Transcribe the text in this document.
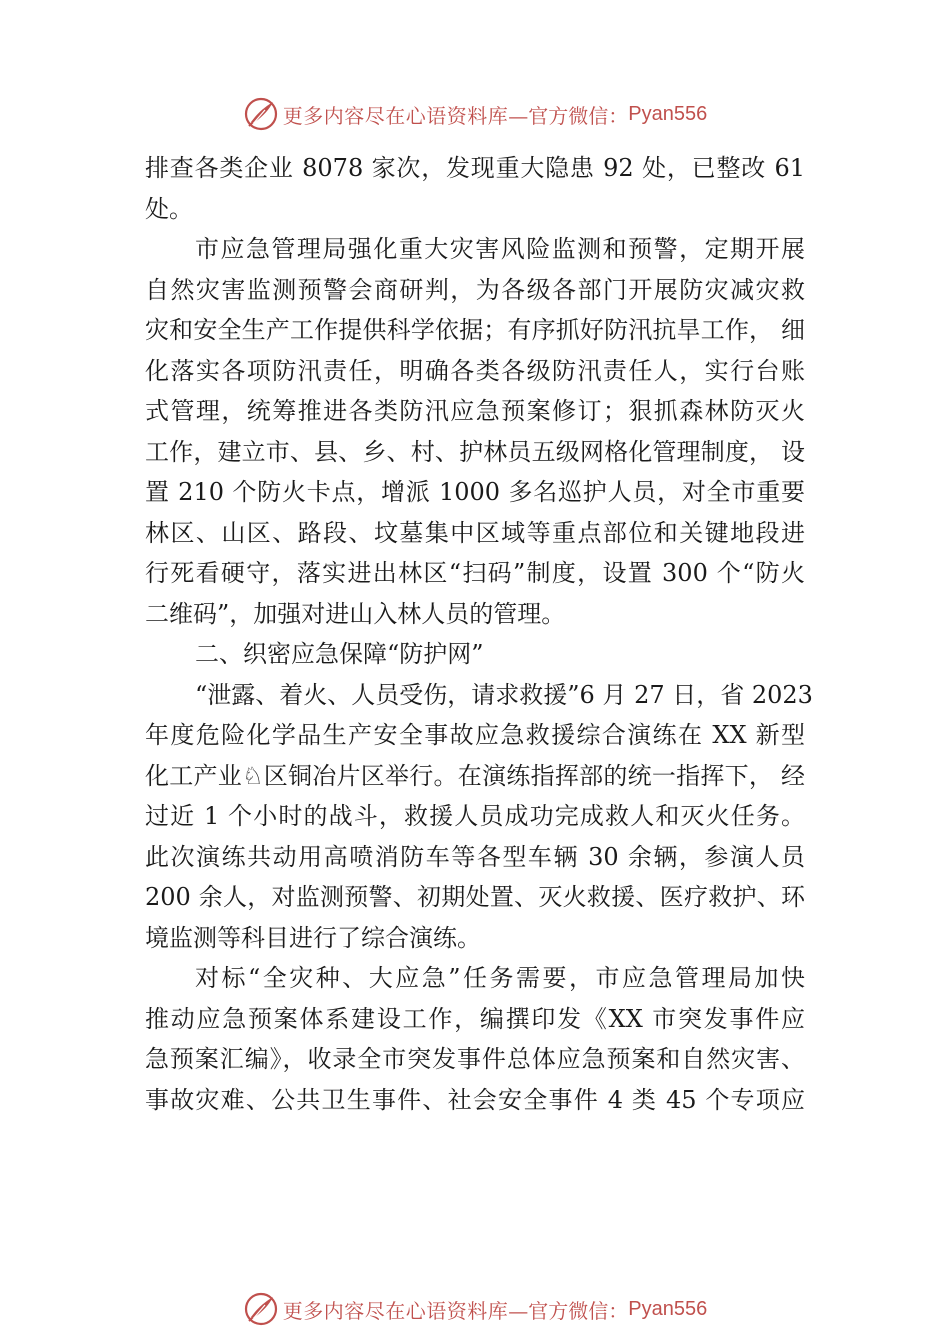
更多内容尽在心语资料库 —官方微信： Pyan556
排查各类企业 8078 家次，发现重大隐患 92 处，已整改 61
处。
市应急管理局强化重大灾害风险监测和预警，定期开展
自然灾害监测预警会商研判，为各级各部门开展防灾减灾救
灾和安全生产工作提供科学依据；有序抓好防汛抗旱工作， 细
化落实各项防汛责任，明确各类各级防汛责任人，实行台账
式管理，统筹推进各类防汛应急预案修订；狠抓森林防灭火
工作，建立市、县、乡、村、护林员五级网格化管理制度， 设
置 210 个防火卡点，增派 1000 多名巡护人员，对全市重要
林区、山区、路段、坟墓集中区域等重点部位和关键地段进
行死看硬守，落实进出林区“扫码”制度，设置 300 个“防火
二维码”，加强对进山入林人员的管理。
二、织密应急保障“防护网”
“泄露、着火、人员受伤，请求救援”6 月 27 日，省 2023
年度危险化学品生产安全事故应急救援综合演练在 XX 新型
化工产业♘区铜冶片区举行。在演练指挥部的统一指挥下， 经
过近 1 个小时的战斗，救援人员成功完成救人和灭火任务。
此次演练共动用高喷消防车等各型车辆 30 余辆，参演人员
200 余人，对监测预警、初期处置、灭火救援、医疗救护、环
境监测等科目进行了综合演练。
对标“全灾种、大应急”任务需要，市应急管理局加快
推动应急预案体系建设工作，编撰印发《XX 市突发事件应
急预案汇编》，收录全市突发事件总体应急预案和自然灾害、
事故灾难、公共卫生事件、社会安全事件 4 类 45 个专项应
更多内容尽在心语资料库 —官方微信： Pyan556
